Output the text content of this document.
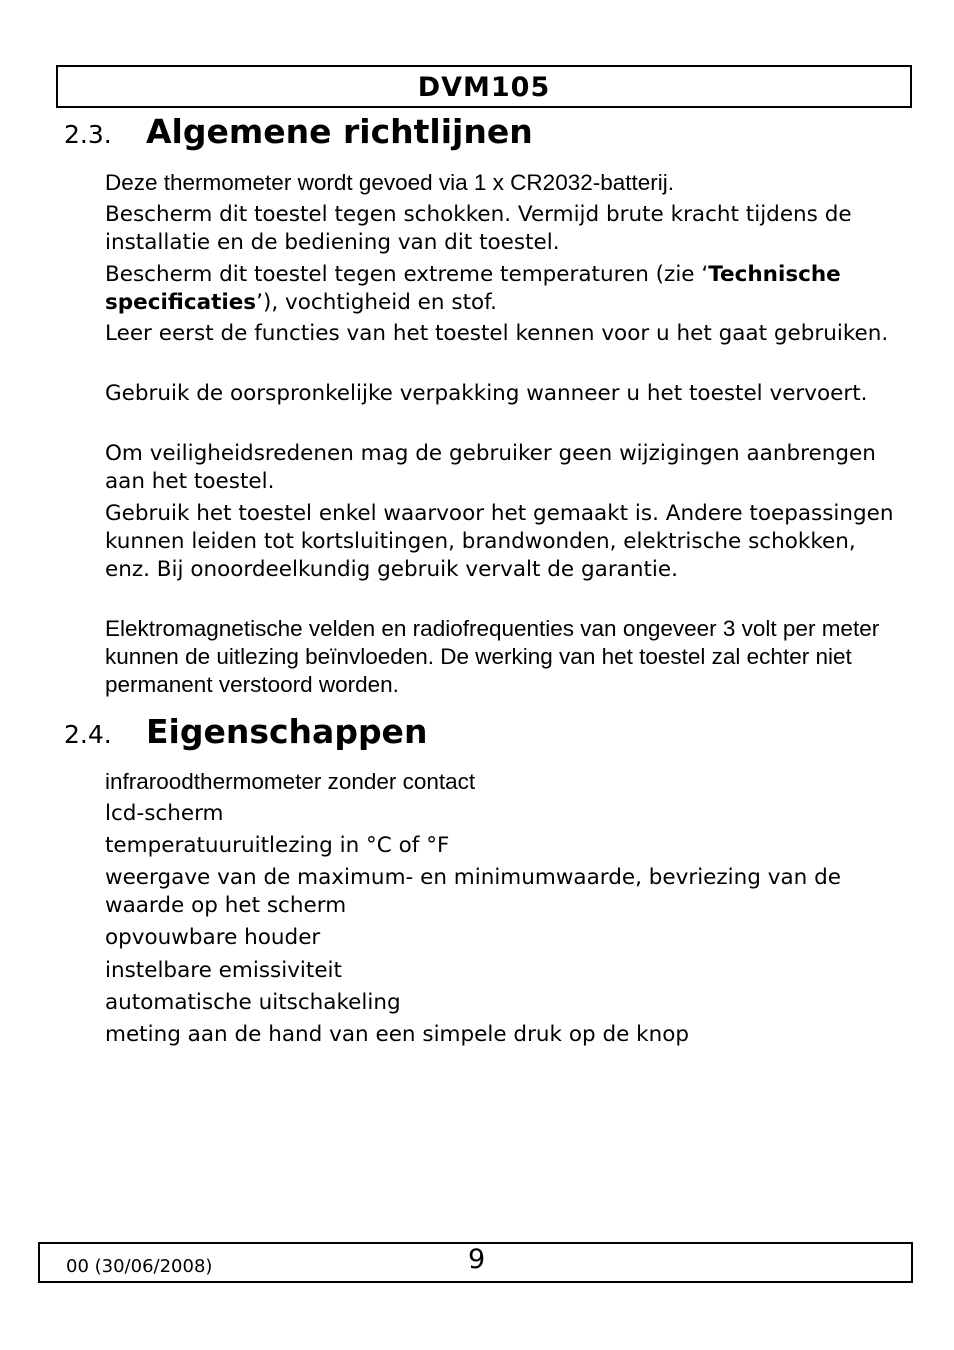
DVM105
2.3.	Algemene richtlijnen
Deze thermometer wordt gevoed via 1 x CR2032-batterij.
Bescherm dit toestel tegen schokken. Vermijd brute kracht tijdens de installatie en de bediening van dit toestel.
Bescherm dit toestel tegen extreme temperaturen (zie ‘Technische specificaties’), vochtigheid en stof.
Leer eerst de functies van het toestel kennen voor u het gaat gebruiken.
Gebruik de oorspronkelijke verpakking wanneer u het toestel vervoert.
Om veiligheidsredenen mag de gebruiker geen wijzigingen aanbrengen aan het toestel.
Gebruik het toestel enkel waarvoor het gemaakt is. Andere toepassingen kunnen leiden tot kortsluitingen, brandwonden, elektrische schokken, enz. Bij onoordeelkundig gebruik vervalt de garantie.
Elektromagnetische velden en radiofrequenties van ongeveer 3 volt per meter kunnen de uitlezing beïnvloeden. De werking van het toestel zal echter niet permanent verstoord worden.
2.4.	Eigenschappen
infraroodthermometer zonder contact
lcd-scherm
temperatuuruitlezing in °C of °F
weergave van de maximum- en minimumwaarde, bevriezing van de waarde op het scherm
opvouwbare houder
instelbare emissiviteit
automatische uitschakeling
meting aan de hand van een simpele druk op de knop
00 (30/06/2008)	9
